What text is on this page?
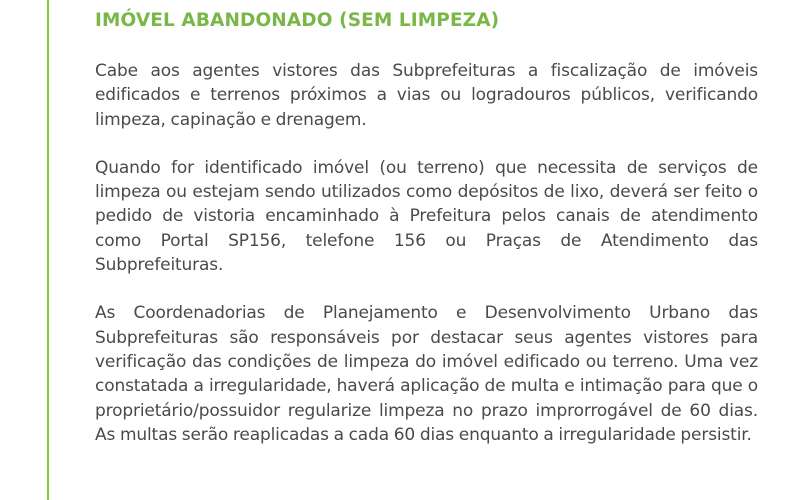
IMÓVEL ABANDONADO (SEM LIMPEZA)

Cabe aos agentes vistores das Subprefeituras a fiscalização de imóveis edificados e terrenos próximos a vias ou logradouros públicos, verificando limpeza, capinação e drenagem.

Quando for identificado imóvel (ou terreno) que necessita de serviços de limpeza ou estejam sendo utilizados como depósitos de lixo, deverá ser feito o pedido de vistoria encaminhado à Prefeitura pelos canais de atendimento como Portal SP156, telefone 156 ou Praças de Atendimento das Subprefeituras.

As Coordenadorias de Planejamento e Desenvolvimento Urbano das Subprefeituras são responsáveis por destacar seus agentes vistores para verificação das condições de limpeza do imóvel edificado ou terreno. Uma vez constatada a irregularidade, haverá aplicação de multa e intimação para que o proprietário/possuidor regularize limpeza no prazo improrrogável de 60 dias. As multas serão reaplicadas a cada 60 dias enquanto a irregularidade persistir.
